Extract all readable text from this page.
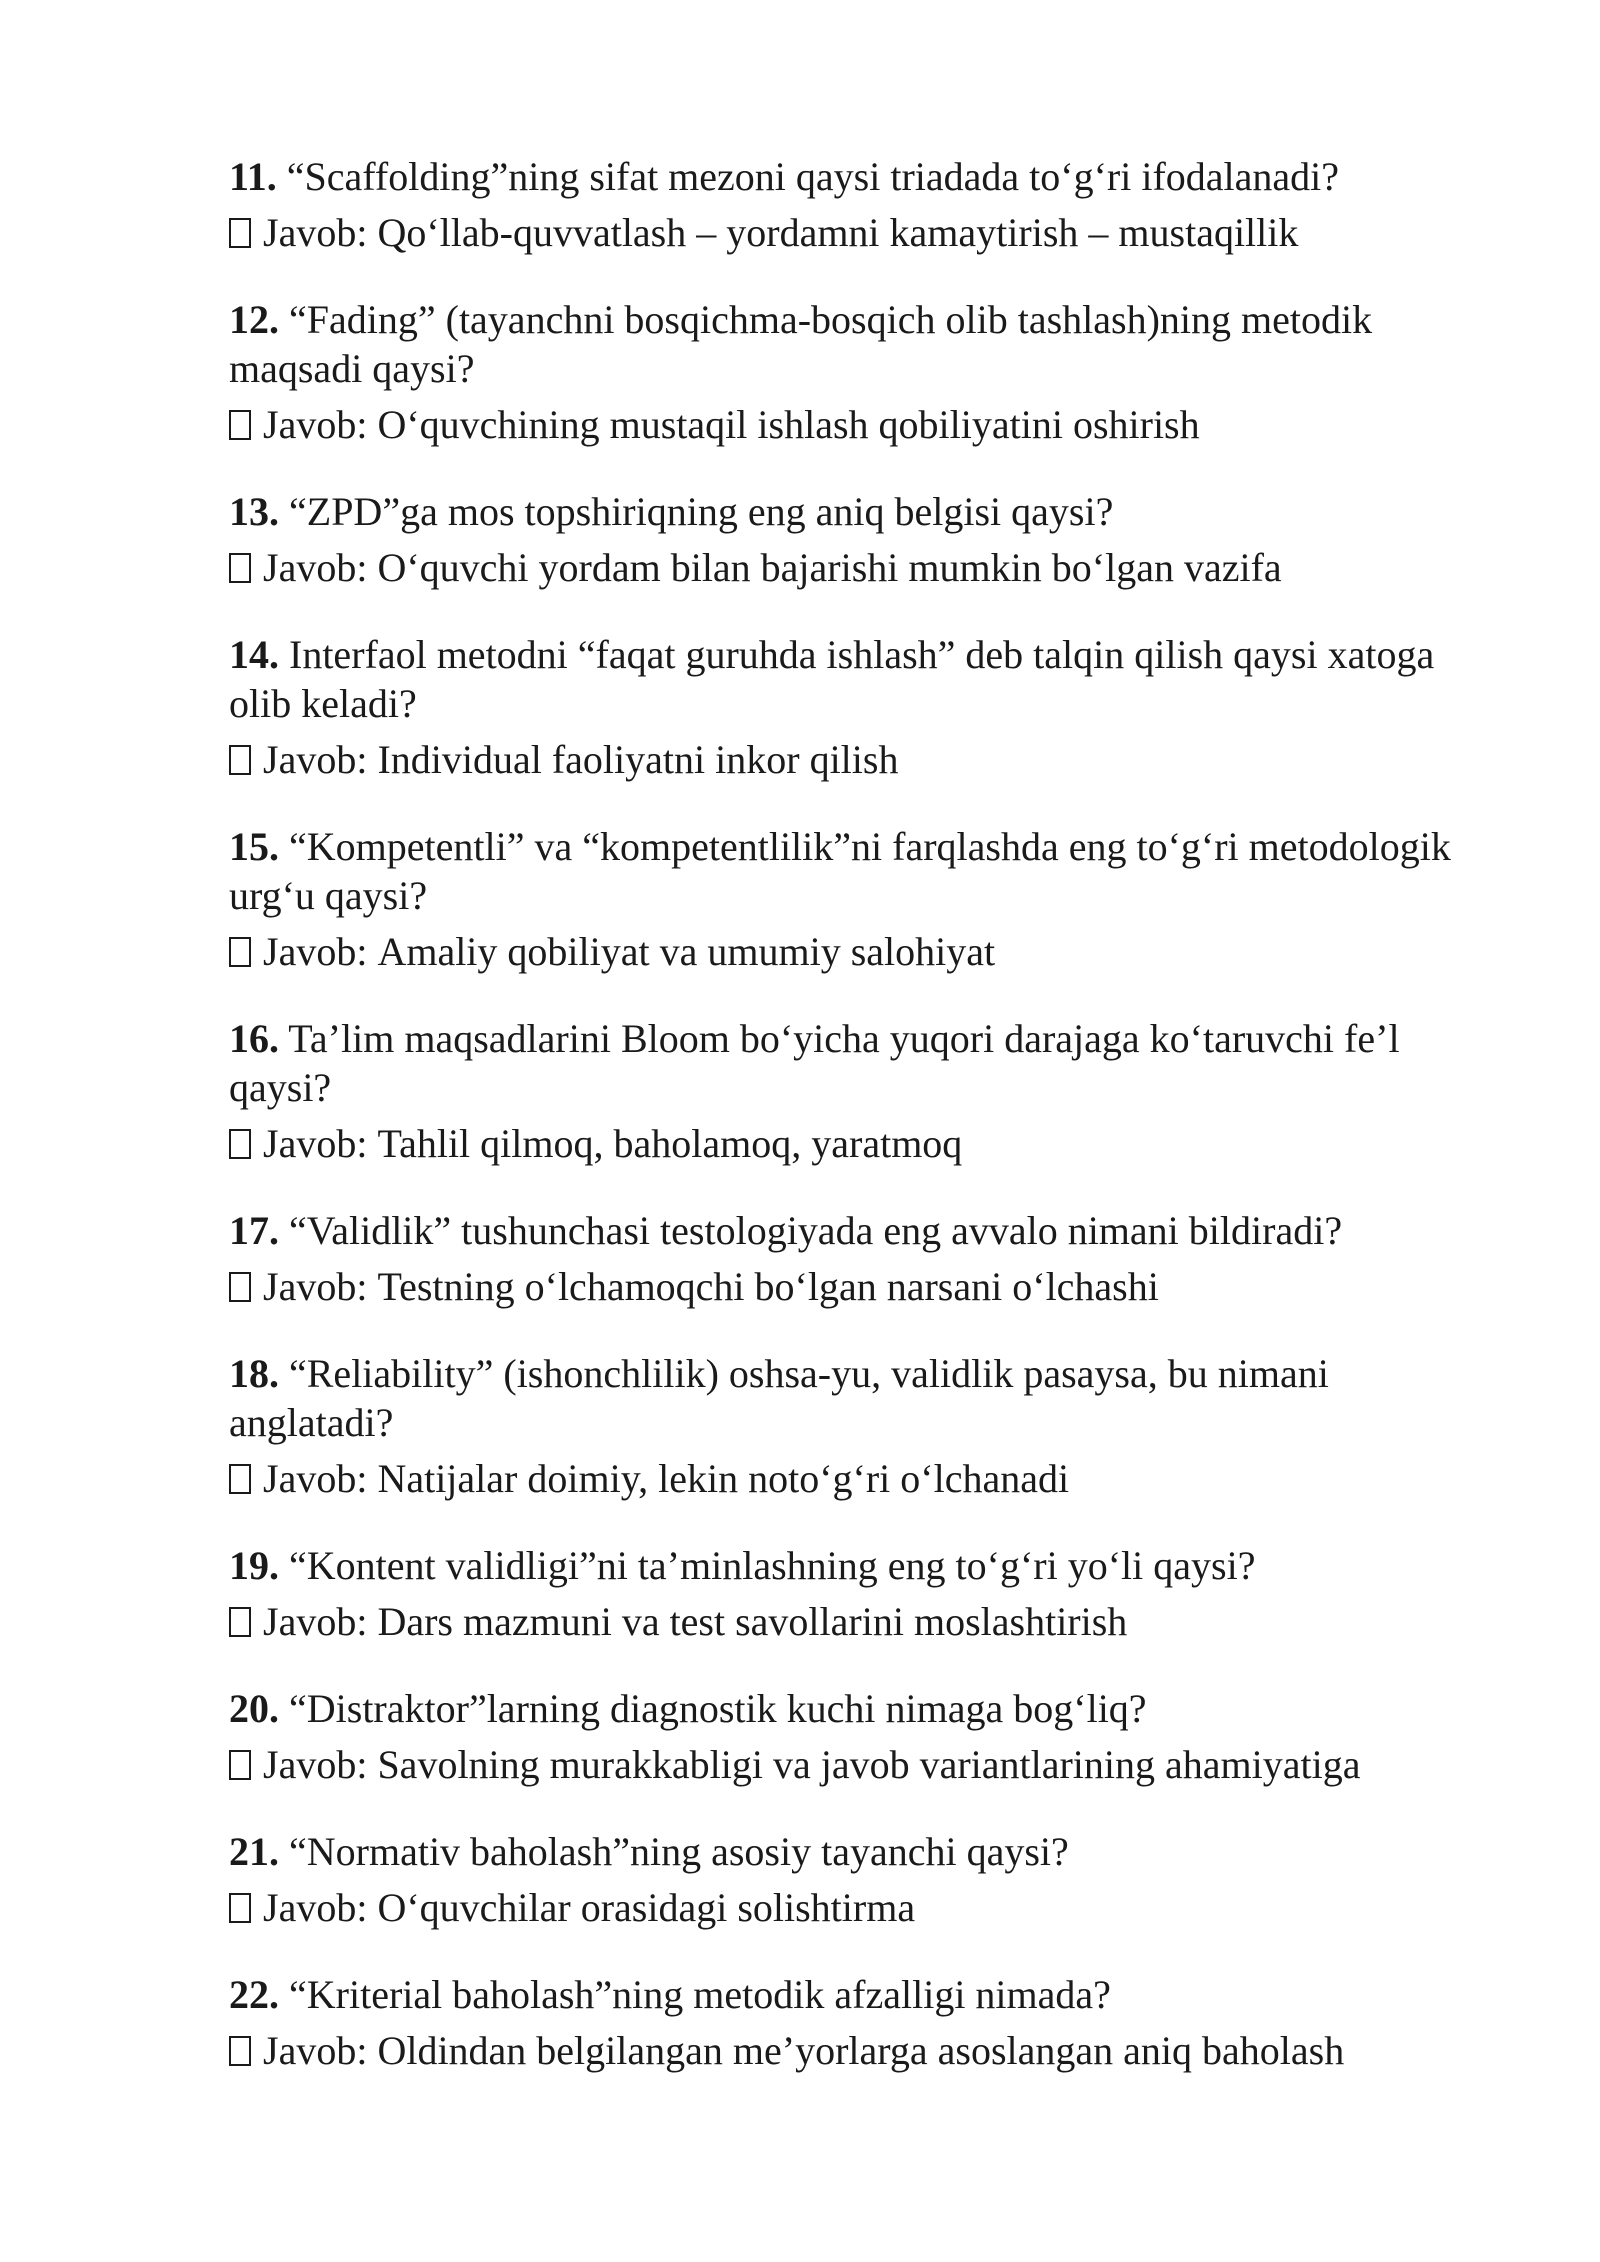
11. “Scaffolding”ning sifat mezoni qaysi triadada to‘g‘ri ifodalanadi?

Javob: Qo‘llab-quvvatlash – yordamni kamaytirish – mustaqillik

12. “Fading” (tayanchni bosqichma-bosqich olib tashlash)ning metodik maqsadi qaysi?

Javob: O‘quvchining mustaqil ishlash qobiliyatini oshirish

13. “ZPD”ga mos topshiriqning eng aniq belgisi qaysi?

Javob: O‘quvchi yordam bilan bajarishi mumkin bo‘lgan vazifa

14. Interfaol metodni “faqat guruhda ishlash” deb talqin qilish qaysi xatoga olib keladi?

Javob: Individual faoliyatni inkor qilish

15. “Kompetentli” va “kompetentlilik”ni farqlashda eng to‘g‘ri metodologik urg‘u qaysi?

Javob: Amaliy qobiliyat va umumiy salohiyat

16. Ta’lim maqsadlarini Bloom bo‘yicha yuqori darajaga ko‘taruvchi fe’l qaysi?

Javob: Tahlil qilmoq, baholamoq, yaratmoq

17. “Validlik” tushunchasi testologiyada eng avvalo nimani bildiradi?

Javob: Testning o‘lchamoqchi bo‘lgan narsani o‘lchashi

18. “Reliability” (ishonchlilik) oshsa-yu, validlik pasaysa, bu nimani anglatadi?

Javob: Natijalar doimiy, lekin noto‘g‘ri o‘lchanadi

19. “Kontent validligi”ni ta’minlashning eng to‘g‘ri yo‘li qaysi?

Javob: Dars mazmuni va test savollarini moslashtirish

20. “Distraktor”larning diagnostik kuchi nimaga bog‘liq?

Javob: Savolning murakkabligi va javob variantlarining ahamiyatiga

21. “Normativ baholash”ning asosiy tayanchi qaysi?

Javob: O‘quvchilar orasidagi solishtirma

22. “Kriterial baholash”ning metodik afzalligi nimada?

Javob: Oldindan belgilangan me’yorlarga asoslangan aniq baholash
